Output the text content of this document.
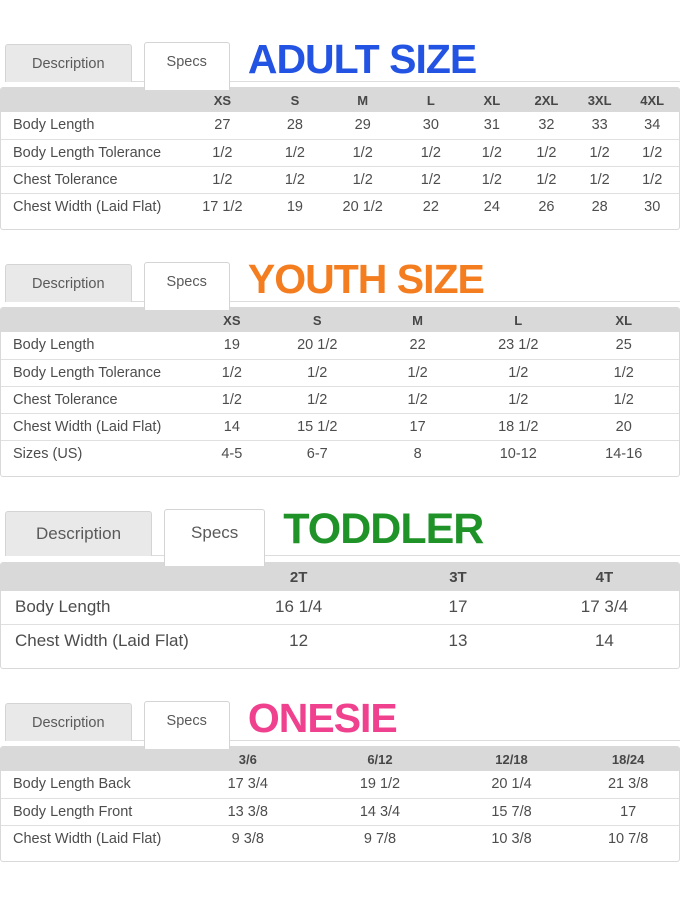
Description	Specs	ADULT SIZE
	XS	S	M	L	XL	2XL	3XL	4XL
Body Length	27	28	29	30	31	32	33	34
Body Length Tolerance	1/2	1/2	1/2	1/2	1/2	1/2	1/2	1/2
Chest Tolerance	1/2	1/2	1/2	1/2	1/2	1/2	1/2	1/2
Chest Width (Laid Flat)	17 1/2	19	20 1/2	22	24	26	28	30
Description	Specs	YOUTH SIZE
	XS	S	M	L	XL
Body Length	19	20 1/2	22	23 1/2	25
Body Length Tolerance	1/2	1/2	1/2	1/2	1/2
Chest Tolerance	1/2	1/2	1/2	1/2	1/2
Chest Width (Laid Flat)	14	15 1/2	17	18 1/2	20
Sizes (US)	4-5	6-7	8	10-12	14-16
Description	Specs	TODDLER
	2T	3T	4T
Body Length	16 1/4	17	17 3/4
Chest Width (Laid Flat)	12	13	14
Description	Specs	ONESIE
	3/6	6/12	12/18	18/24
Body Length Back	17 3/4	19 1/2	20 1/4	21 3/8
Body Length Front	13 3/8	14 3/4	15 7/8	17
Chest Width (Laid Flat)	9 3/8	9 7/8	10 3/8	10 7/8
